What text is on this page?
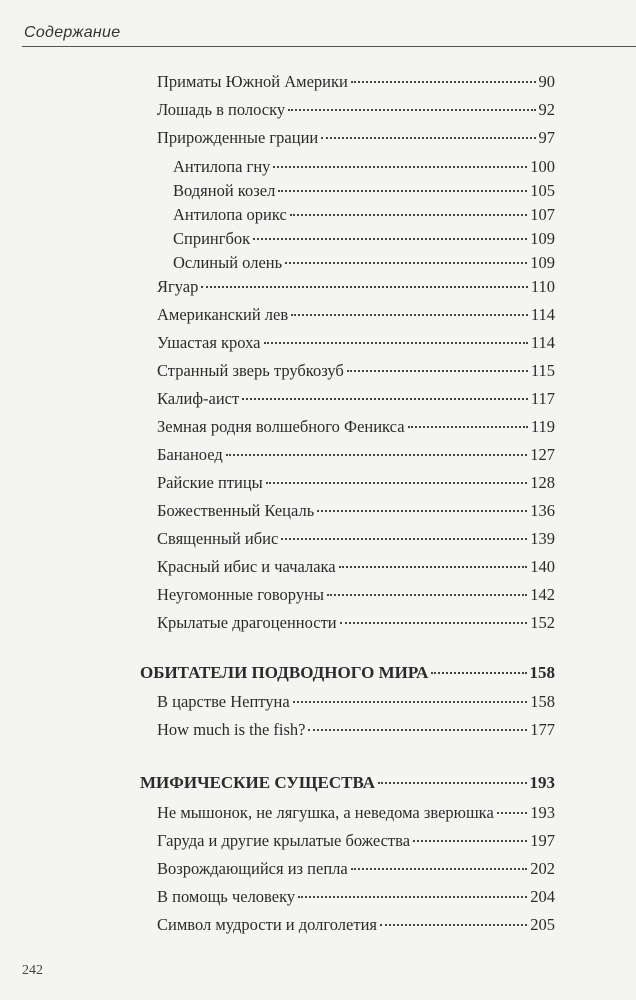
Содержание
Приматы Южной Америки	90
Лошадь в полоску	92
Прирожденные грации	97
Антилопа гну	100
Водяной козел	105
Антилопа орикс	107
Спрингбок	109
Ослиный олень	109
Ягуар	110
Американский лев	114
Ушастая кроха	114
Странный зверь трубкозуб	115
Калиф-аист	117
Земная родня волшебного Феникса	119
Бананоед	127
Райские птицы	128
Божественный Кецаль	136
Священный ибис	139
Красный ибис и чачалака	140
Неугомонные говоруны	142
Крылатые драгоценности	152
ОБИТАТЕЛИ ПОДВОДНОГО МИРА	158
В царстве Нептуна	158
How much is the fish?	177
МИФИЧЕСКИЕ СУЩЕСТВА	193
Не мышонок, не лягушка, а неведома зверюшка 193
Гаруда и другие крылатые божества	197
Возрождающийся из пепла	202
В помощь человеку	204
Символ мудрости и долголетия	205
242
